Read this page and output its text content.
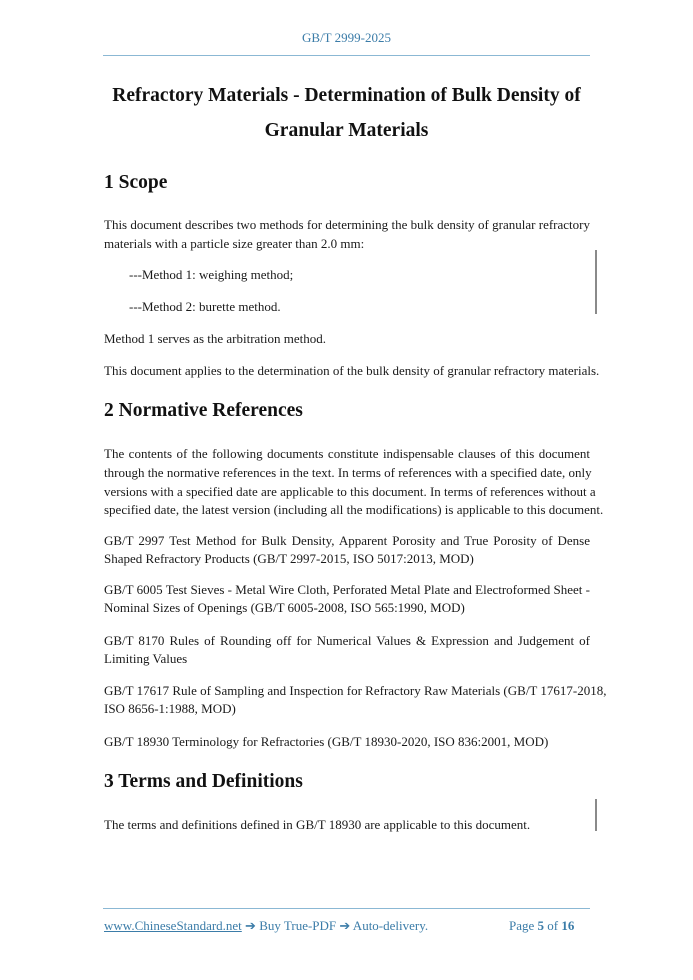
GB/T 2999-2025
Refractory Materials - Determination of Bulk Density of
Granular Materials
1 Scope

This document describes two methods for determining the bulk density of granular refractory

materials with a particle size greater than 2.0 mm:

---Method 1: weighing method;

---Method 2: burette method.

Method 1 serves as the arbitration method.

This document applies to the determination of the bulk density of granular refractory materials.

2 Normative References

The contents of the following documents constitute indispensable clauses of this document

through the normative references in the text. In terms of references with a specified date, only

versions with a specified date are applicable to this document. In terms of references without a

specified date, the latest version (including all the modifications) is applicable to this document.

GB/T 2997 Test Method for Bulk Density, Apparent Porosity and True Porosity of Dense

Shaped Refractory Products (GB/T 2997-2015, ISO 5017:2013, MOD)

GB/T 6005 Test Sieves - Metal Wire Cloth, Perforated Metal Plate and Electroformed Sheet -

Nominal Sizes of Openings (GB/T 6005-2008, ISO 565:1990, MOD)

GB/T 8170 Rules of Rounding off for Numerical Values & Expression and Judgement of

Limiting Values

GB/T 17617 Rule of Sampling and Inspection for Refractory Raw Materials (GB/T 17617-2018,

ISO 8656-1:1988, MOD)

GB/T 18930 Terminology for Refractories (GB/T 18930-2020, ISO 836:2001, MOD)

3 Terms and Definitions

The terms and definitions defined in GB/T 18930 are applicable to this document.

www.ChineseStandard.net ➔ Buy True-PDF ➔ Auto-delivery.	Page 5 of 16
